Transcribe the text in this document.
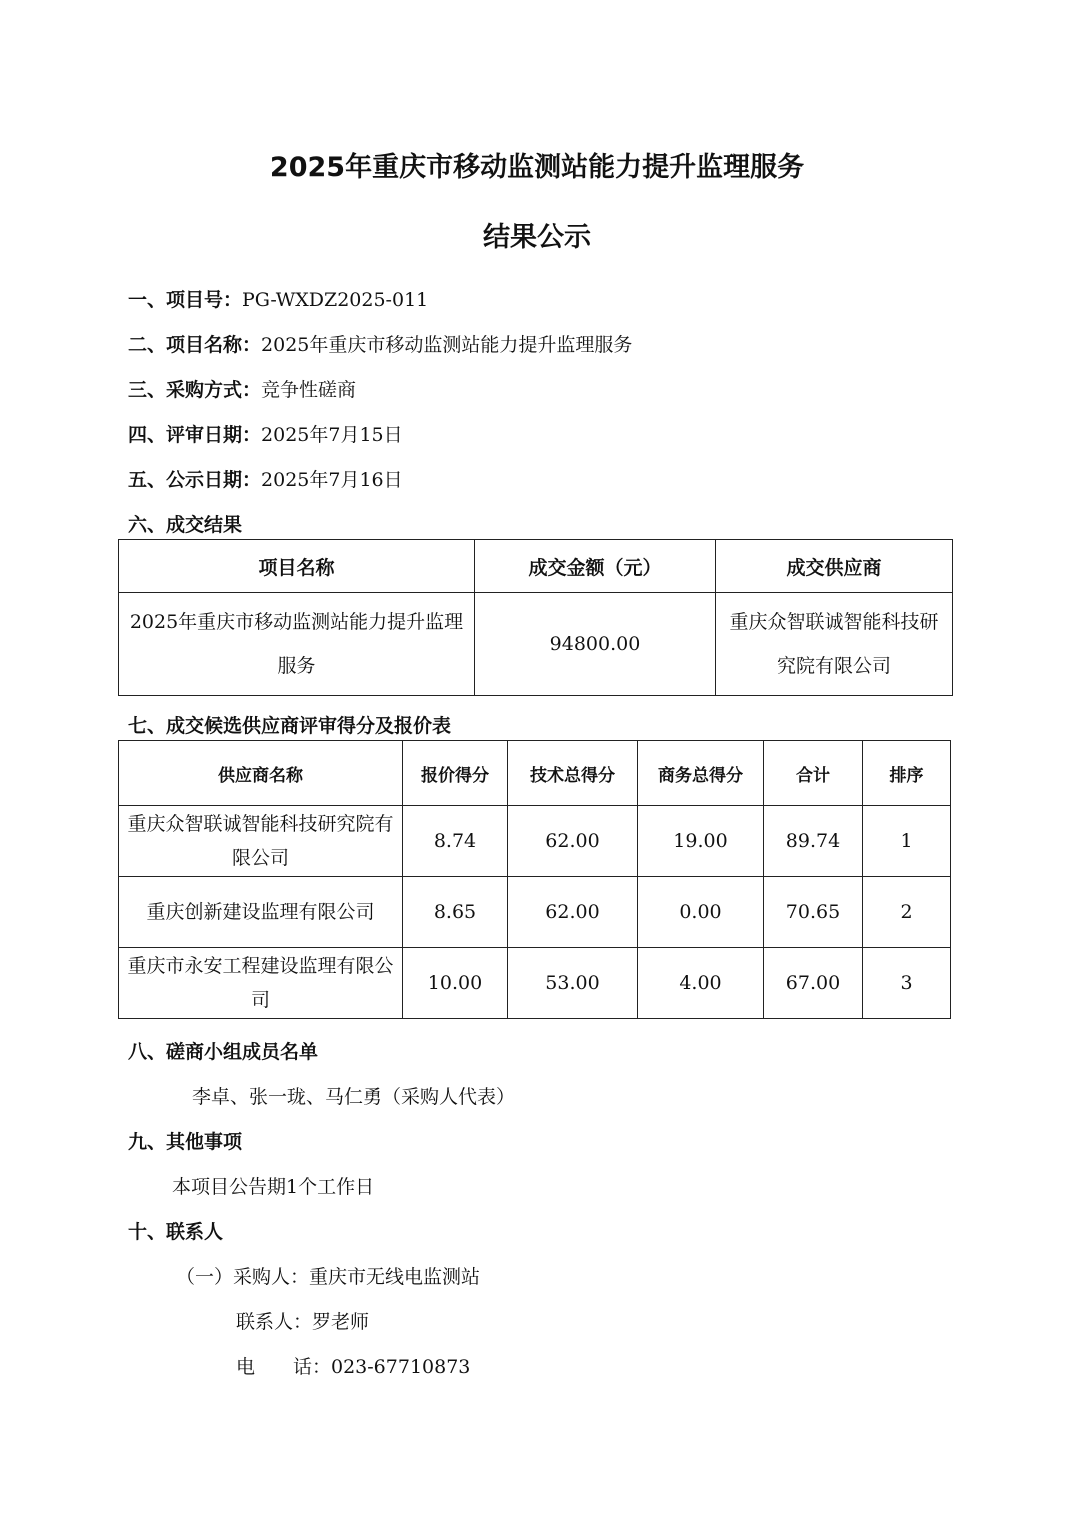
2025年重庆市移动监测站能力提升监理服务
结果公示
一、项目号：PG-WXDZ2025-011
二、项目名称：2025年重庆市移动监测站能力提升监理服务
三、采购方式：竞争性磋商
四、评审日期：2025年7月15日
五、公示日期：2025年7月16日
六、成交结果
项目名称	成交金额（元）	成交供应商
2025年重庆市移动监测站能力提升监理服务	94800.00	重庆众智联诚智能科技研究院有限公司
七、成交候选供应商评审得分及报价表
供应商名称	报价得分	技术总得分	商务总得分	合计	排序
重庆众智联诚智能科技研究院有限公司	8.74	62.00	19.00	89.74	1
重庆创新建设监理有限公司	8.65	62.00	0.00	70.65	2
重庆市永安工程建设监理有限公司	10.00	53.00	4.00	67.00	3
八、磋商小组成员名单
李卓、张一珑、马仁勇（采购人代表）
九、其他事项
本项目公告期1个工作日
十、联系人
（一）采购人：重庆市无线电监测站
联系人：罗老师
电　　话：023-67710873
